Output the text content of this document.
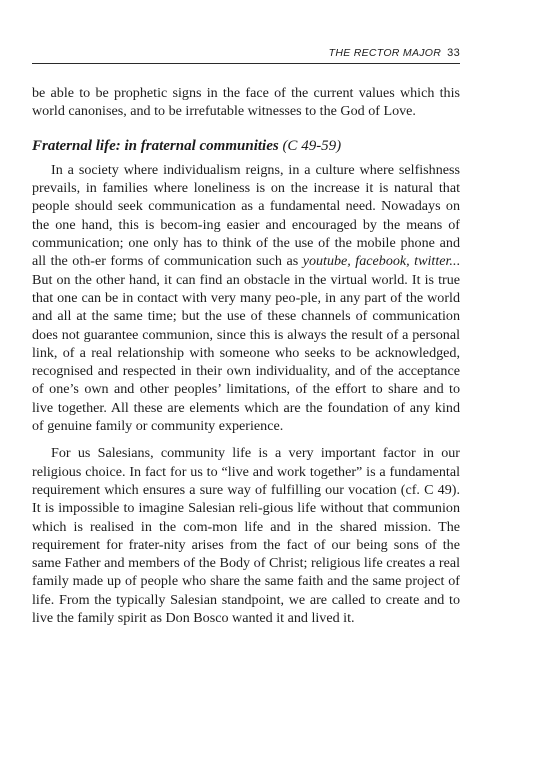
THE RECTOR MAJOR 33

be able to be prophetic signs in the face of the current values which this world canonises, and to be irrefutable witnesses to the God of Love.

Fraternal life: in fraternal communities (C 49-59)

In a society where individualism reigns, in a culture where selfishness prevails, in families where loneliness is on the increase it is natural that people should seek communication as a fundamental need. Nowadays on the one hand, this is becom-ing easier and encouraged by the means of communication; one only has to think of the use of the mobile phone and all the oth-er forms of communication such as youtube, facebook, twitter... But on the other hand, it can find an obstacle in the virtual world. It is true that one can be in contact with very many peo-ple, in any part of the world and all at the same time; but the use of these channels of communication does not guarantee communion, since this is always the result of a personal link, of a real relationship with someone who seeks to be acknowledged, recognised and respected in their own individuality, and of the acceptance of one’s own and other peoples’ limitations, of the effort to share and to live together. All these are elements which are the foundation of any kind of genuine family or community experience.

For us Salesians, community life is a very important factor in our religious choice. In fact for us to “live and work together” is a fundamental requirement which ensures a sure way of fulfilling our vocation (cf. C 49). It is impossible to imagine Salesian reli-gious life without that communion which is realised in the com-mon life and in the shared mission. The requirement for frater-nity arises from the fact of our being sons of the same Father and members of the Body of Christ; religious life creates a real family made up of people who share the same faith and the same project of life. From the typically Salesian standpoint, we are called to create and to live the family spirit as Don Bosco wanted it and lived it.
